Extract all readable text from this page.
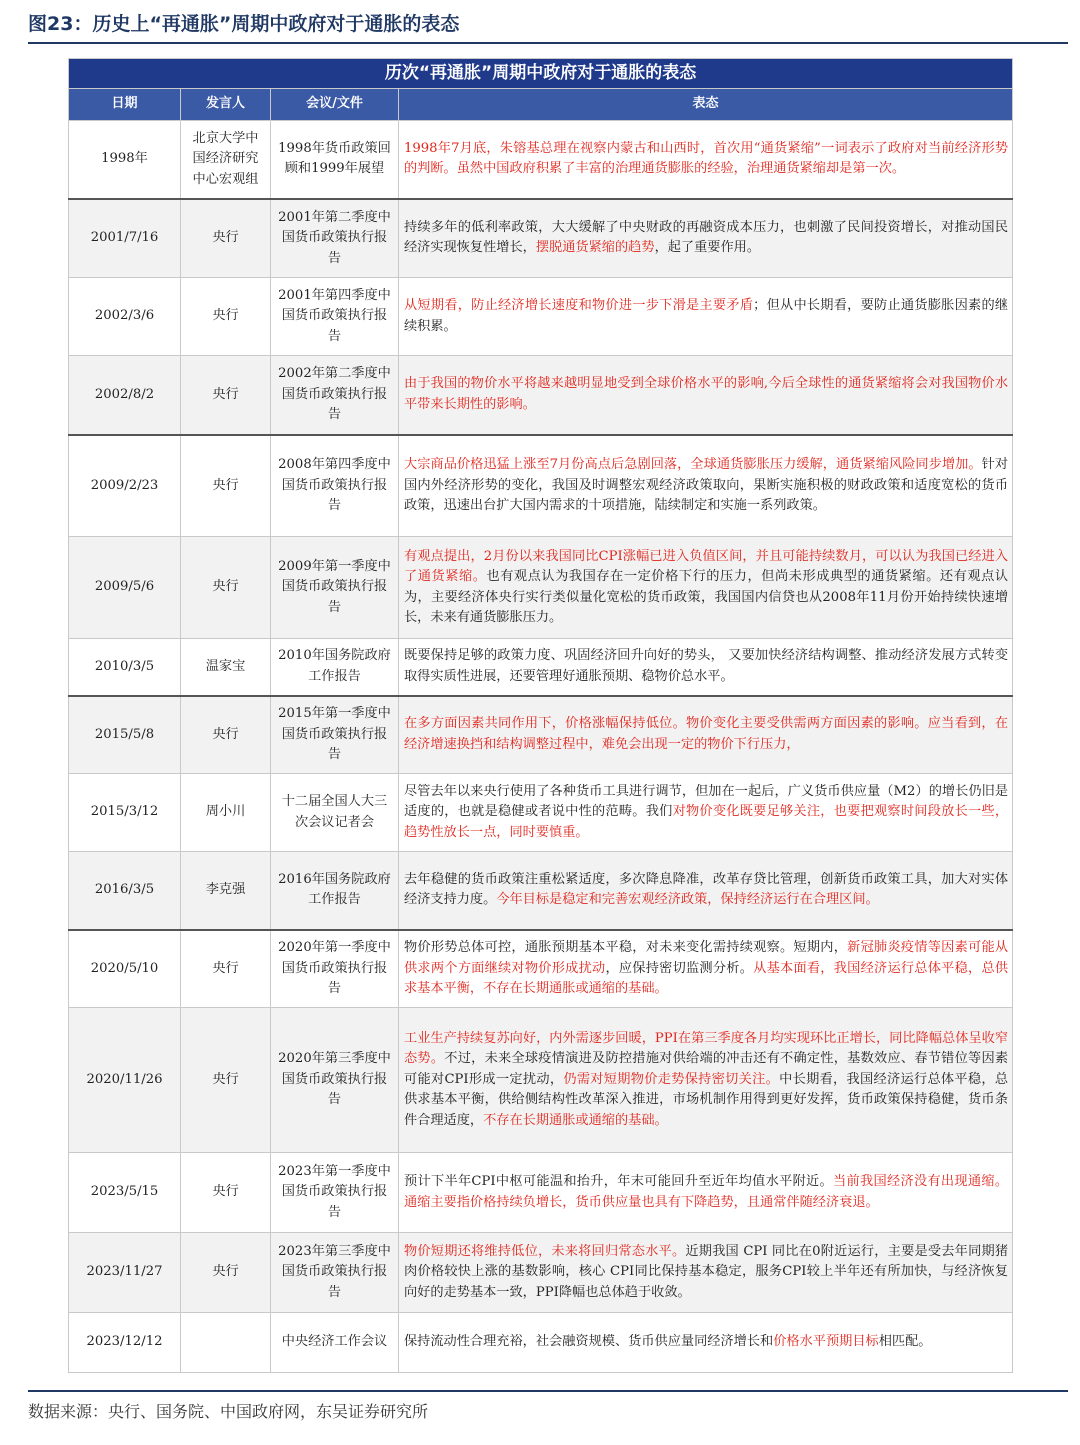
图23：历史上“再通胀”周期中政府对于通胀的表态
历次“再通胀”周期中政府对于通胀的表态			
日期	发言人	会议/文件	表态
1998年	北京大学中国经济研究中心宏观组	1998年货币政策回顾和1999年展望	1998年7月底，朱镕基总理在视察内蒙古和山西时，首次用“通货紧缩”一词表示了政府对当前经济形势的判断。虽然中国政府积累了丰富的治理通货膨胀的经验，治理通货紧缩却是第一次。
2001/7/16	央行	2001年第二季度中国货币政策执行报告	持续多年的低利率政策，大大缓解了中央财政的再融资成本压力，也刺激了民间投资增长，对推动国民经济实现恢复性增长，摆脱通货紧缩的趋势，起了重要作用。
2002/3/6	央行	2001年第四季度中国货币政策执行报告	从短期看，防止经济增长速度和物价进一步下滑是主要矛盾；但从中长期看，要防止通货膨胀因素的继续积累。
2002/8/2	央行	2002年第二季度中国货币政策执行报告	由于我国的物价水平将越来越明显地受到全球价格水平的影响,今后全球性的通货紧缩将会对我国物价水平带来长期性的影响。
2009/2/23	央行	2008年第四季度中国货币政策执行报告	大宗商品价格迅猛上涨至7月份高点后急剧回落，全球通货膨胀压力缓解，通货紧缩风险同步增加。针对国内外经济形势的变化，我国及时调整宏观经济政策取向，果断实施积极的财政政策和适度宽松的货币政策，迅速出台扩大国内需求的十项措施，陆续制定和实施一系列政策。
2009/5/6	央行	2009年第一季度中国货币政策执行报告	有观点提出，2月份以来我国同比CPI涨幅已进入负值区间，并且可能持续数月，可以认为我国已经进入了通货紧缩。也有观点认为我国存在一定价格下行的压力，但尚未形成典型的通货紧缩。还有观点认为，主要经济体央行实行类似量化宽松的货币政策，我国国内信贷也从2008年11月份开始持续快速增长，未来有通货膨胀压力。
2010/3/5	温家宝	2010年国务院政府工作报告	既要保持足够的政策力度、巩固经济回升向好的势头， 又要加快经济结构调整、推动经济发展方式转变取得实质性进展，还要管理好通胀预期、稳物价总水平。
2015/5/8	央行	2015年第一季度中国货币政策执行报告	在多方面因素共同作用下，价格涨幅保持低位。物价变化主要受供需两方面因素的影响。应当看到，在经济增速换挡和结构调整过程中，难免会出现一定的物价下行压力，
2015/3/12	周小川	十二届全国人大三次会议记者会	尽管去年以来央行使用了各种货币工具进行调节，但加在一起后，广义货币供应量（M2）的增长仍旧是适度的，也就是稳健或者说中性的范畴。我们对物价变化既要足够关注，也要把观察时间段放长一些，趋势性放长一点，同时要慎重。
2016/3/5	李克强	2016年国务院政府工作报告	去年稳健的货币政策注重松紧适度，多次降息降准，改革存贷比管理，创新货币政策工具，加大对实体经济支持力度。今年目标是稳定和完善宏观经济政策，保持经济运行在合理区间。
2020/5/10	央行	2020年第一季度中国货币政策执行报告	物价形势总体可控，通胀预期基本平稳，对未来变化需持续观察。短期内，新冠肺炎疫情等因素可能从供求两个方面继续对物价形成扰动，应保持密切监测分析。从基本面看，我国经济运行总体平稳，总供求基本平衡，不存在长期通胀或通缩的基础。
2020/11/26	央行	2020年第三季度中国货币政策执行报告	工业生产持续复苏向好，内外需逐步回暖，PPI在第三季度各月均实现环比正增长，同比降幅总体呈收窄态势。不过，未来全球疫情演进及防控措施对供给端的冲击还有不确定性，基数效应、春节错位等因素可能对CPI形成一定扰动，仍需对短期物价走势保持密切关注。中长期看，我国经济运行总体平稳，总供求基本平衡，供给侧结构性改革深入推进，市场机制作用得到更好发挥，货币政策保持稳健，货币条件合理适度，不存在长期通胀或通缩的基础。
2023/5/15	央行	2023年第一季度中国货币政策执行报告	预计下半年CPI中枢可能温和抬升，年末可能回升至近年均值水平附近。当前我国经济没有出现通缩。通缩主要指价格持续负增长，货币供应量也具有下降趋势，且通常伴随经济衰退。
2023/11/27	央行	2023年第三季度中国货币政策执行报告	物价短期还将维持低位，未来将回归常态水平。近期我国 CPI 同比在0附近运行，主要是受去年同期猪肉价格较快上涨的基数影响，核心 CPI同比保持基本稳定，服务CPI较上半年还有所加快，与经济恢复向好的走势基本一致，PPI降幅也总体趋于收敛。
2023/12/12		中央经济工作会议	保持流动性合理充裕，社会融资规模、货币供应量同经济增长和价格水平预期目标相匹配。
数据来源：央行、国务院、中国政府网，东吴证券研究所
